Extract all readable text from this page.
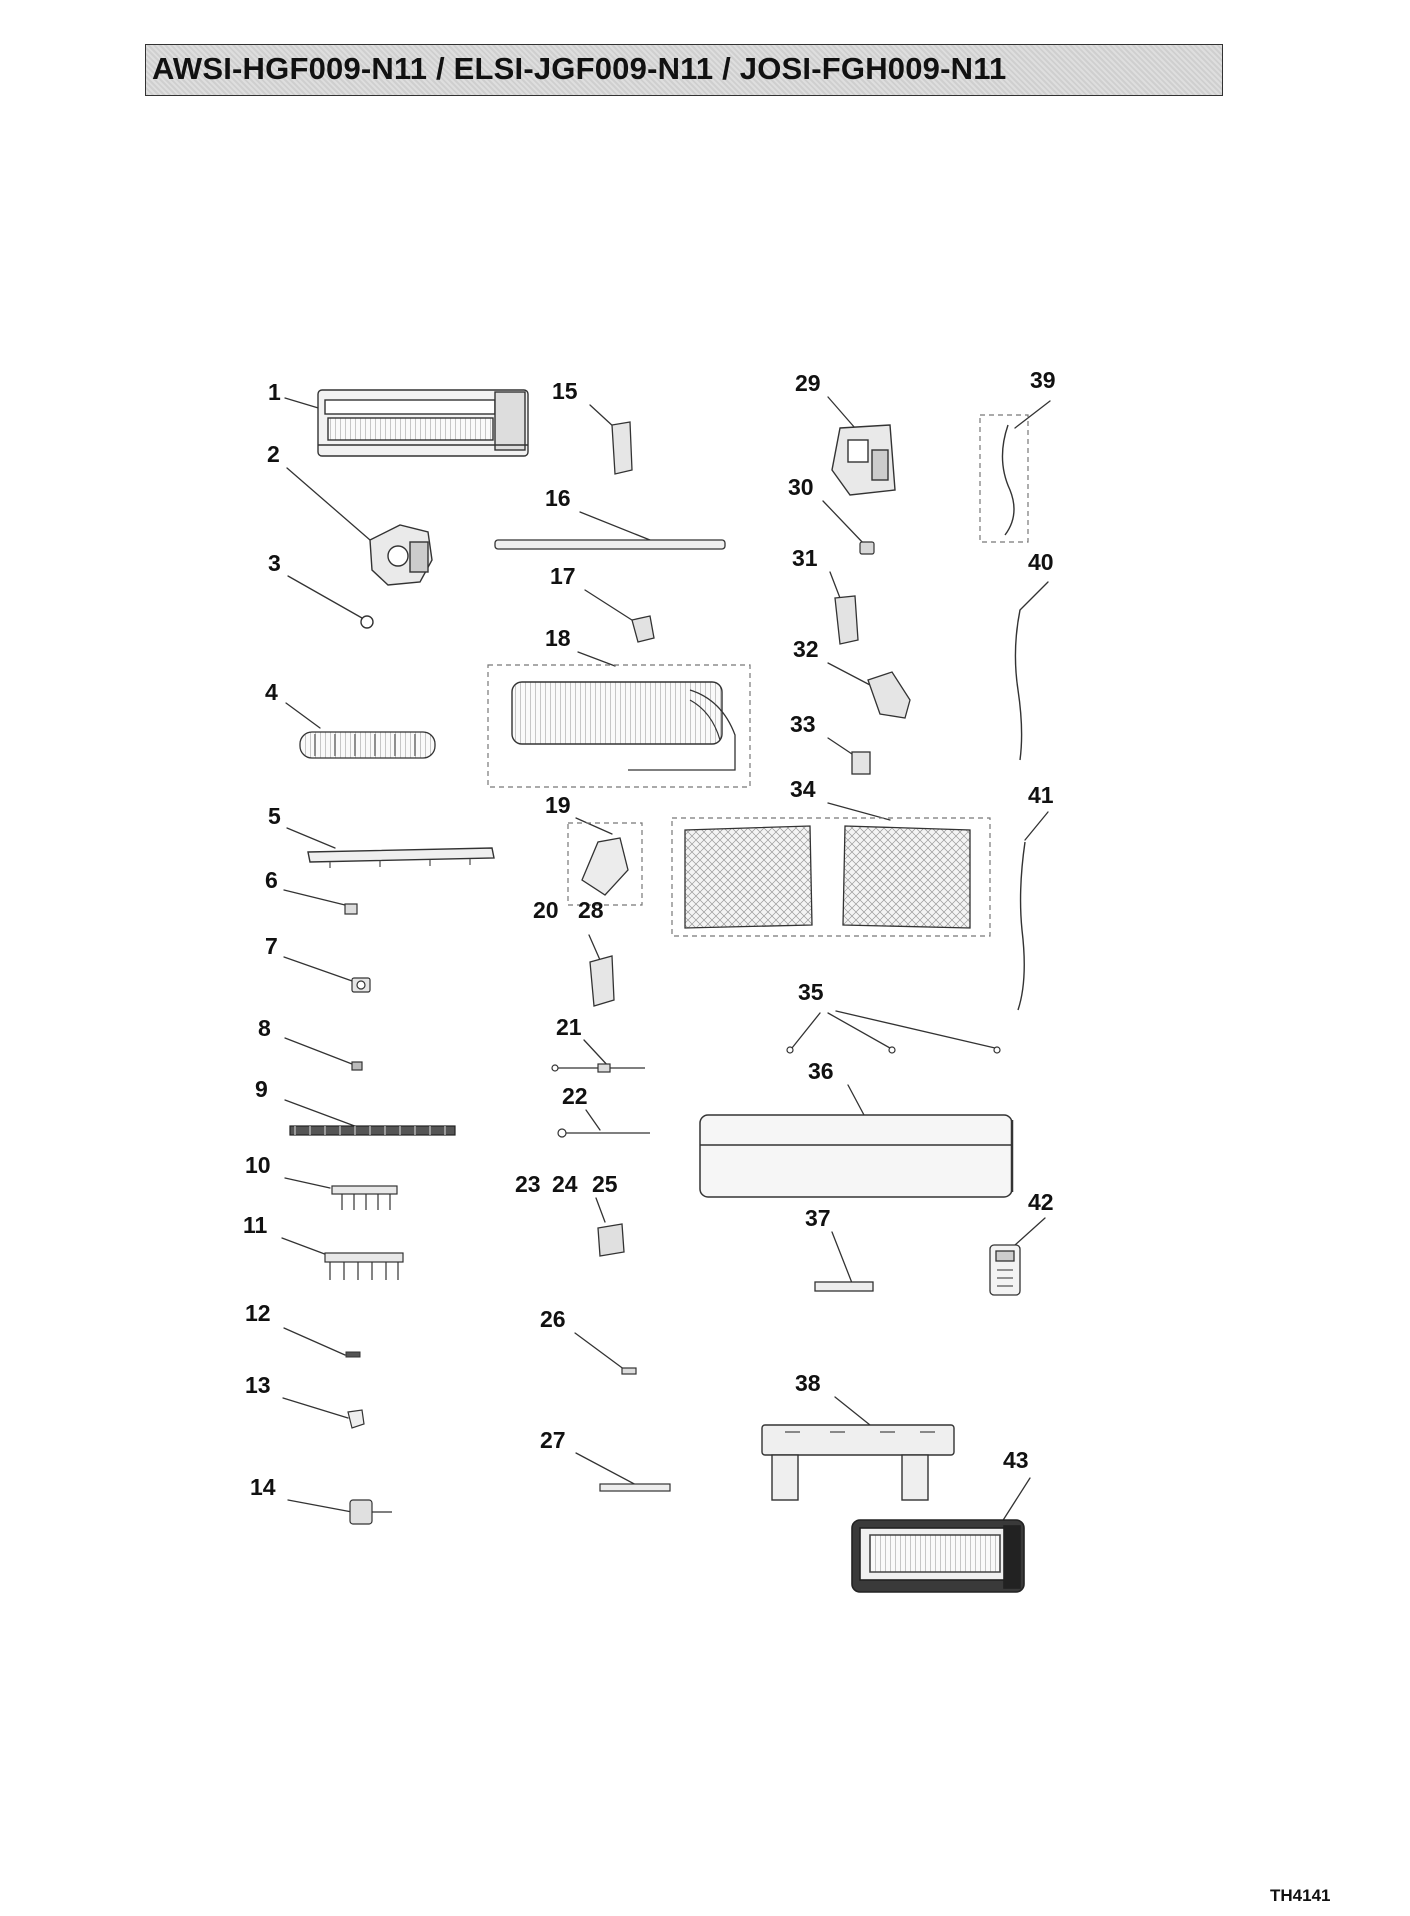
AWSI-HGF009-N11 / ELSI-JGF009-N11 / JOSI-FGH009-N11
1
2
3
4
5
6
7
8
9
10
11
12
13
14
15
16
17
18
19
20 28
21
22
23 24 25
26
27
29
30
31
32
33
34
35
36
37
38
39
40
41
42
43
TH4141
